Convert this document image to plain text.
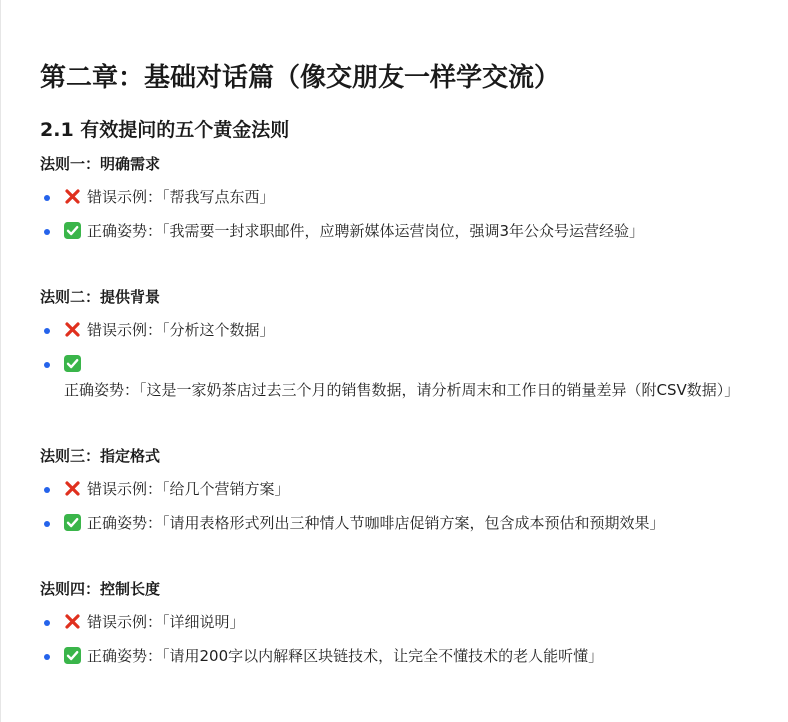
第二章：基础对话篇（像交朋友一样学交流）
2.1 有效提问的五个黄金法则
法则一：明确需求
错误示例：「帮我写点东西」
正确姿势：「我需要一封求职邮件，应聘新媒体运营岗位，强调3年公众号运营经验」
法则二：提供背景
错误示例：「分析这个数据」
正确姿势：「这是一家奶茶店过去三个月的销售数据，请分析周末和工作日的销量差异（附CSV数据）」
法则三：指定格式
错误示例：「给几个营销方案」
正确姿势：「请用表格形式列出三种情人节咖啡店促销方案，包含成本预估和预期效果」
法则四：控制长度
错误示例：「详细说明」
正确姿势：「请用200字以内解释区块链技术，让完全不懂技术的老人能听懂」
